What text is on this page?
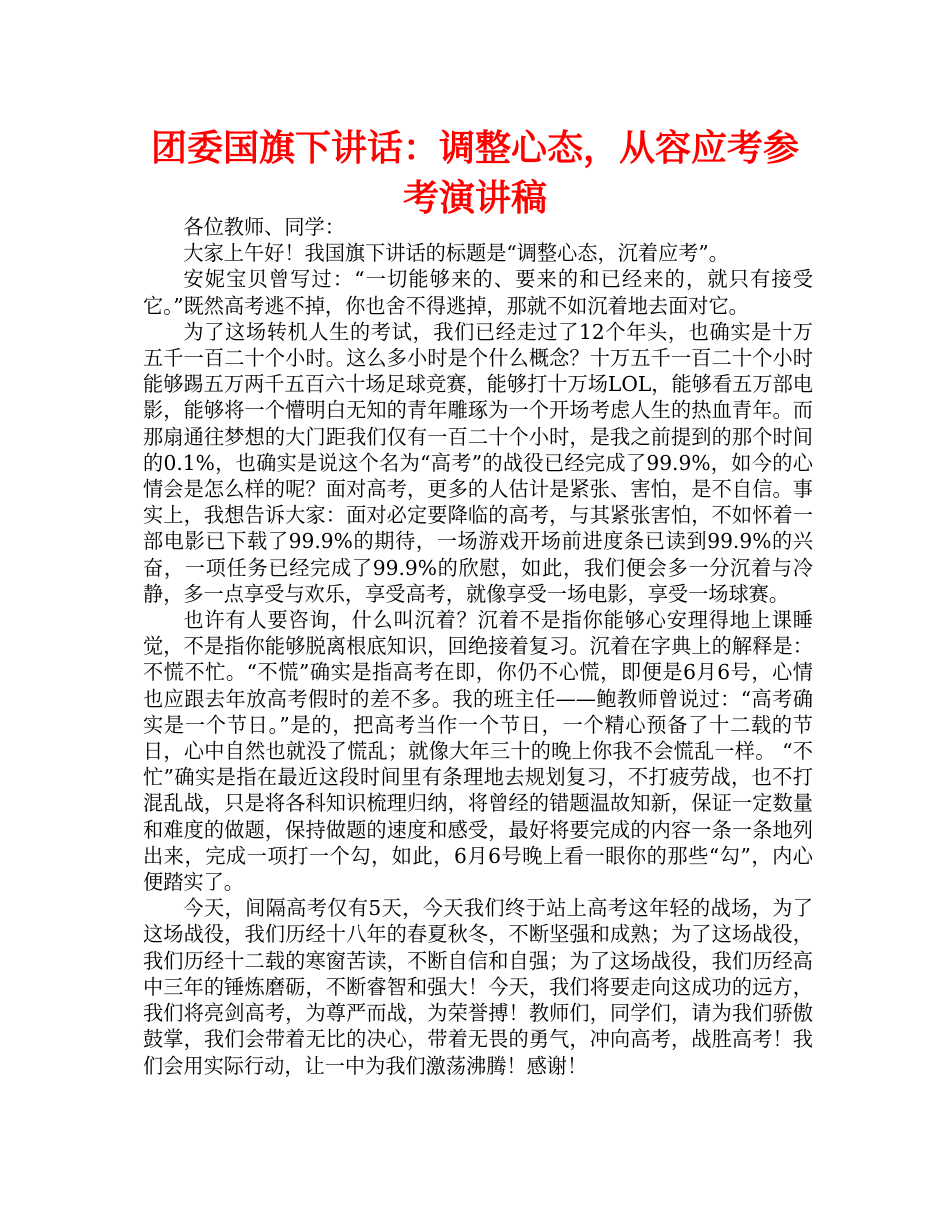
团委国旗下讲话：调整心态，从容应考参考演讲稿

各位教师、同学：

大家上午好！我国旗下讲话的标题是“调整心态，沉着应考”。

安妮宝贝曾写过：“一切能够来的、要来的和已经来的，就只有接受它。”既然高考逃不掉，你也舍不得逃掉，那就不如沉着地去面对它。

为了这场转机人生的考试，我们已经走过了12个年头，也确实是十万五千一百二十个小时。这么多小时是个什么概念？十万五千一百二十个小时能够踢五万两千五百六十场足球竞赛，能够打十万场LOL，能够看五万部电影，能够将一个懵明白无知的青年雕琢为一个开场考虑人生的热血青年。而那扇通往梦想的大门距我们仅有一百二十个小时，是我之前提到的那个时间的0.1%，也确实是说这个名为“高考”的战役已经完成了99.9%，如今的心情会是怎么样的呢？面对高考，更多的人估计是紧张、害怕，是不自信。事实上，我想告诉大家：面对必定要降临的高考，与其紧张害怕，不如怀着一部电影已下载了99.9%的期待，一场游戏开场前进度条已读到99.9%的兴奋，一项任务已经完成了99.9%的欣慰，如此，我们便会多一分沉着与冷静，多一点享受与欢乐，享受高考，就像享受一场电影，享受一场球赛。

也许有人要咨询，什么叫沉着？沉着不是指你能够心安理得地上课睡觉，不是指你能够脱离根底知识，回绝接着复习。沉着在字典上的解释是：不慌不忙。“不慌”确实是指高考在即，你仍不心慌，即便是6月6号，心情也应跟去年放高考假时的差不多。我的班主任——鲍教师曾说过：“高考确实是一个节日。”是的，把高考当作一个节日，一个精心预备了十二载的节日，心中自然也就没了慌乱；就像大年三十的晚上你我不会慌乱一样。 “不忙”确实是指在最近这段时间里有条理地去规划复习，不打疲劳战，也不打混乱战，只是将各科知识梳理归纳，将曾经的错题温故知新，保证一定数量和难度的做题，保持做题的速度和感受，最好将要完成的内容一条一条地列出来，完成一项打一个勾，如此，6月6号晚上看一眼你的那些“勾”，内心便踏实了。

今天，间隔高考仅有5天，今天我们终于站上高考这年轻的战场，为了这场战役，我们历经十八年的春夏秋冬，不断坚强和成熟；为了这场战役，我们历经十二载的寒窗苦读，不断自信和自强；为了这场战役，我们历经高中三年的锤炼磨砺，不断睿智和强大！今天，我们将要走向这成功的远方，我们将亮剑高考，为尊严而战，为荣誉搏！教师们，同学们，请为我们骄傲鼓掌，我们会带着无比的决心，带着无畏的勇气，冲向高考，战胜高考！我们会用实际行动，让一中为我们激荡沸腾！感谢！
